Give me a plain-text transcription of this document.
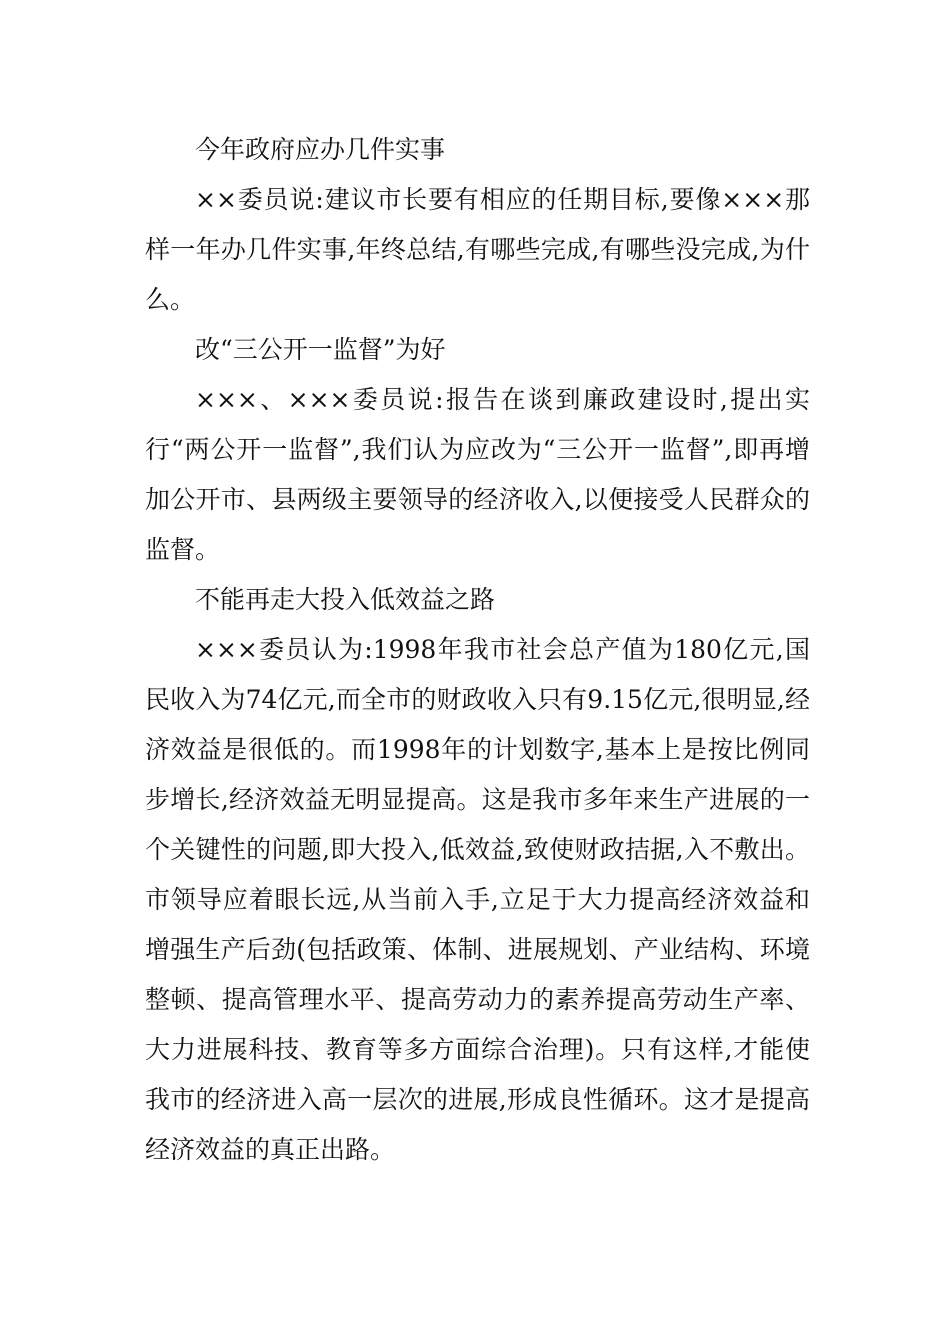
今年政府应办几件实事

××委员说:建议市长要有相应的任期目标,要像×××那样一年办几件实事,年终总结,有哪些完成,有哪些没完成,为什么。

改“三公开一监督”为好

×××、×××委员说:报告在谈到廉政建设时,提出实行“两公开一监督”,我们认为应改为“三公开一监督”,即再增加公开市、县两级主要领导的经济收入,以便接受人民群众的监督。

不能再走大投入低效益之路

×××委员认为:1998年我市社会总产值为180亿元,国民收入为74亿元,而全市的财政收入只有9.15亿元,很明显,经济效益是很低的。而1998年的计划数字,基本上是按比例同步增长,经济效益无明显提高。这是我市多年来生产进展的一个关键性的问题,即大投入,低效益,致使财政拮据,入不敷出。市领导应着眼长远,从当前入手,立足于大力提高经济效益和增强生产后劲(包括政策、体制、进展规划、产业结构、环境整顿、提高管理水平、提高劳动力的素养提高劳动生产率、大力进展科技、教育等多方面综合治理)。只有这样,才能使我市的经济进入高一层次的进展,形成良性循环。这才是提高经济效益的真正出路。
